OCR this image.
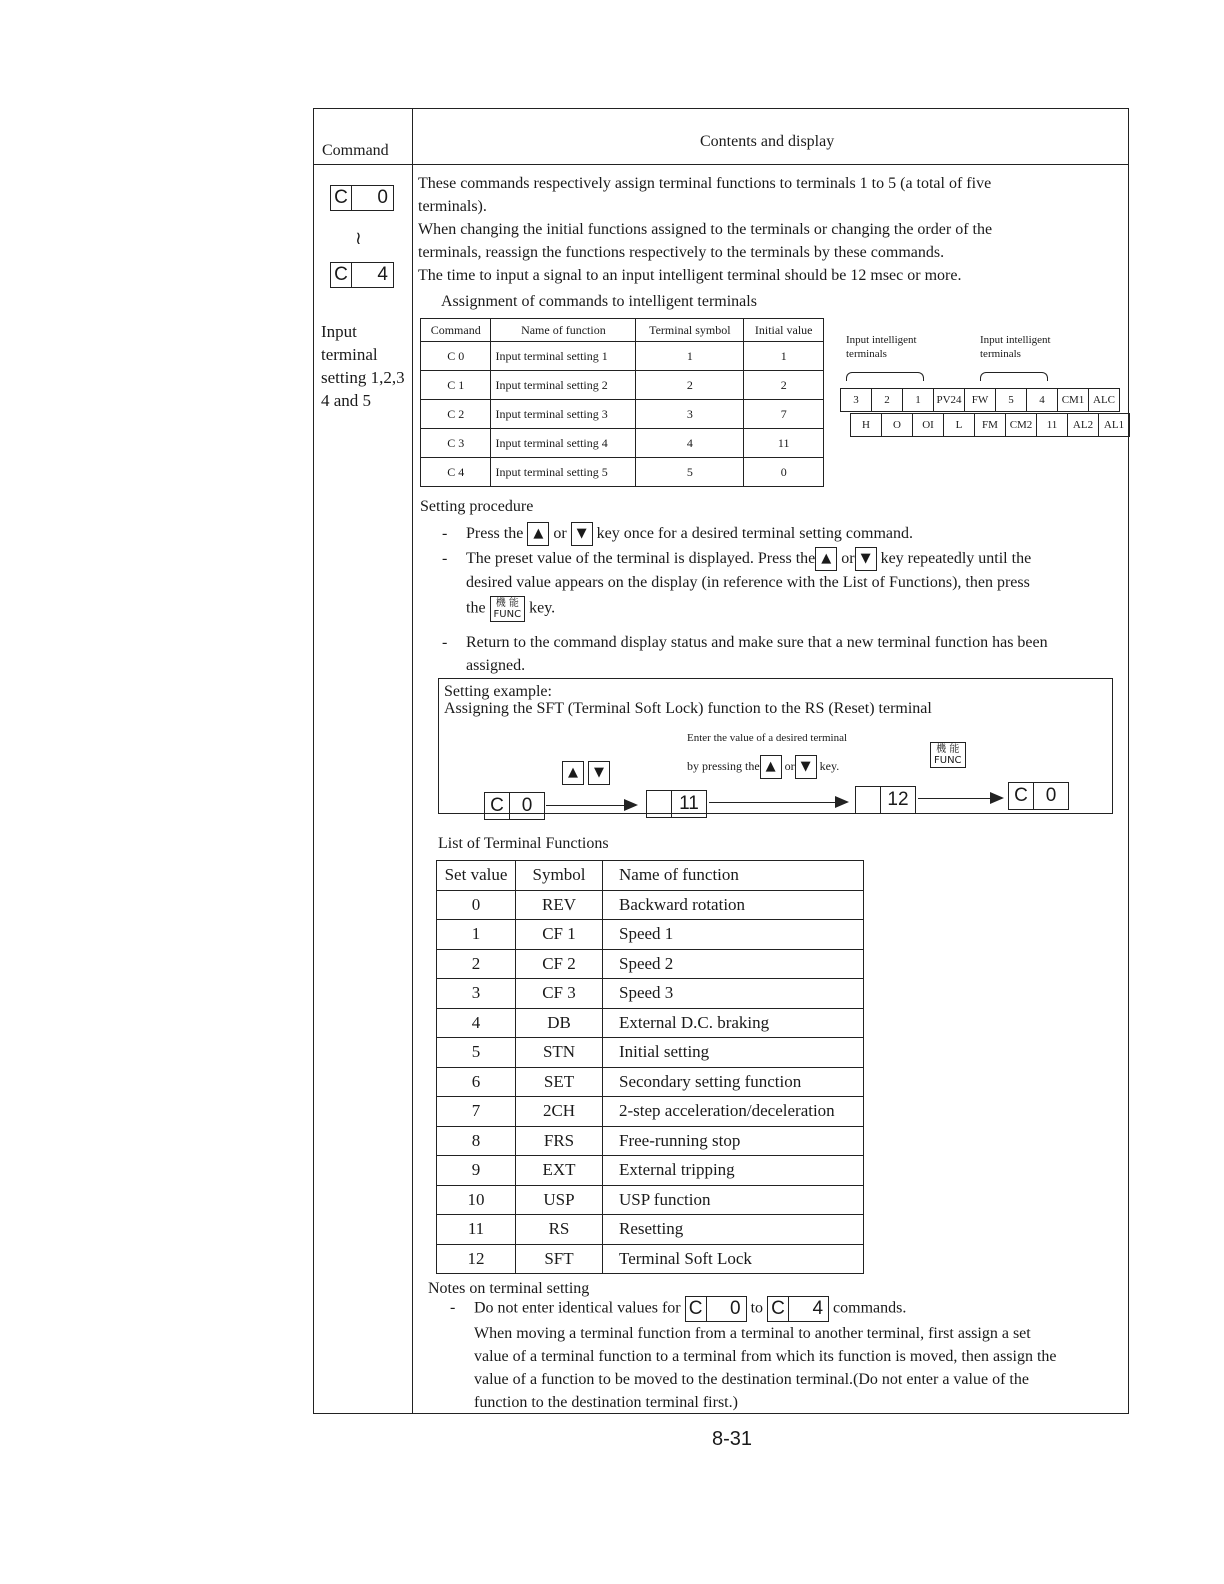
Command
Contents and display
C	0
≀
C	4
Input
terminal
setting 1,2,3
4 and 5
These commands respectively assign terminal functions to terminals 1 to 5 (a total of five
terminals).
When changing the initial functions assigned to the terminals or changing the order of the
terminals, reassign the functions respectively to the terminals by these commands.
The time to input a signal to an input intelligent terminal should be 12 msec or more.
Assignment of commands to intelligent terminals
Command	Name of function	Terminal symbol	Initial value
C 0	Input terminal setting 1	1	1
C 1	Input terminal setting 2	2	2
C 2	Input terminal setting 3	3	7
C 3	Input terminal setting 4	4	11
C 4	Input terminal setting 5	5	0
Input intelligent
terminals
Input intelligent
terminals
3	2	1	PV24	FW	5	4	CM1	ALC
H	O	OI	L	FM	CM2	11	AL2	AL1
Setting procedure
- Press the ▲ or ▼ key once for a desired terminal setting command.
- The preset value of the terminal is displayed. Press the ▲ or ▼ key repeatedly until the
desired value appears on the display (in reference with the List of Functions), then press
the 機 能
FUNC key.
- Return to the command display status and make sure that a new terminal function has been
assigned.
Setting example:
Assigning the SFT (Terminal Soft Lock) function to the RS (Reset) terminal
Enter the value of a desired terminal
by pressing the ▲ or ▼ key.
▲ ▼
機 能
FUNC
C 0	11	12	C 0
List of Terminal Functions
Set value	Symbol	Name of function
0	REV	Backward rotation
1	CF 1	Speed 1
2	CF 2	Speed 2
3	CF 3	Speed 3
4	DB	External D.C. braking
5	STN	Initial setting
6	SET	Secondary setting function
7	2CH	2-step acceleration/deceleration
8	FRS	Free-running stop
9	EXT	External tripping
10	USP	USP function
11	RS	Resetting
12	SFT	Terminal Soft Lock
Notes on terminal setting
- Do not enter identical values for C	0 to C	4 commands.
When moving a terminal function from a terminal to another terminal, first assign a set
value of a terminal function to a terminal from which its function is moved, then assign the
value of a function to be moved to the destination terminal.(Do not enter a value of the
function to the destination terminal first.)
8-31
